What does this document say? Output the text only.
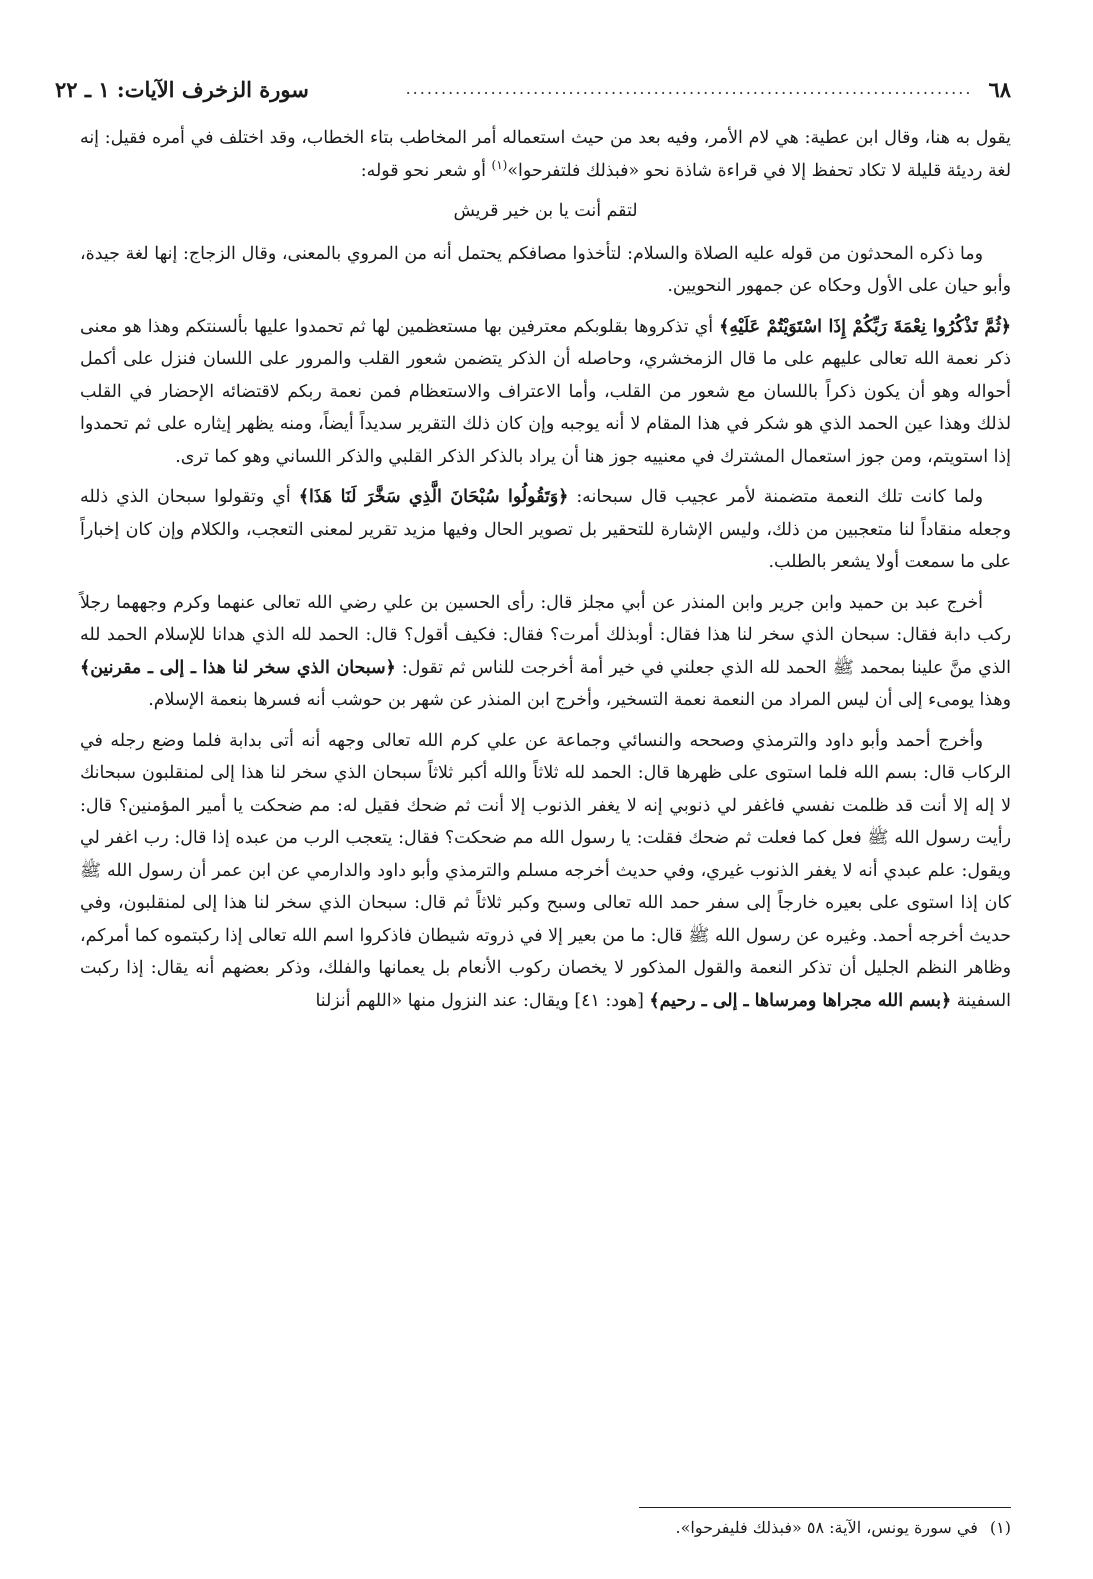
٦٨
................................................................................
سورة الزخرف الآيات: ١ ـ ٢٢

يقول به هنا، وقال ابن عطية: هي لام الأمر، وفيه بعد من حيث استعماله أمر المخاطب بتاء الخطاب، وقد اختلف في أمره فقيل: إنه لغة رديئة قليلة لا تكاد تحفظ إلا في قراءة شاذة نحو «فبذلك فلتفرحوا»$^{(١)}$ أو شعر نحو قوله:

لتقم أنت يا بن خير قريش

وما ذكره المحدثون من قوله عليه الصلاة والسلام: لتأخذوا مصافكم يحتمل أنه من المروي بالمعنى، وقال الزجاج: إنها لغة جيدة، وأبو حيان على الأول وحكاه عن جمهور النحويين.

﴿ثُمَّ تَذْكُرُوا نِعْمَةَ رَبِّكُمْ إِذَا اسْتَوَيْتُمْ عَلَيْهِ﴾ أي تذكروها بقلوبكم معترفين بها مستعظمين لها ثم تحمدوا عليها بألسنتكم وهذا هو معنى ذكر نعمة الله تعالى عليهم على ما قال الزمخشري، وحاصله أن الذكر يتضمن شعور القلب والمرور على اللسان فنزل على أكمل أحواله وهو أن يكون ذكراً باللسان مع شعور من القلب، وأما الاعتراف والاستعظام فمن نعمة ربكم لاقتضائه الإحضار في القلب لذلك وهذا عين الحمد الذي هو شكر في هذا المقام لا أنه يوجبه وإن كان ذلك التقرير سديداً أيضاً، ومنه يظهر إيثاره على ثم تحمدوا إذا استويتم، ومن جوز استعمال المشترك في معنييه جوز هنا أن يراد بالذكر الذكر القلبي والذكر اللساني وهو كما ترى.

ولما كانت تلك النعمة متضمنة لأمر عجيب قال سبحانه: ﴿وَتَقُولُوا سُبْحَانَ الَّذِي سَخَّرَ لَنَا هَذَا﴾ أي وتقولوا سبحان الذي ذلله وجعله منقاداً لنا متعجبين من ذلك، وليس الإشارة للتحقير بل تصوير الحال وفيها مزيد تقرير لمعنى التعجب، والكلام وإن كان إخباراً على ما سمعت أولا يشعر بالطلب.

أخرج عبد بن حميد وابن جرير وابن المنذر عن أبي مجلز قال: رأى الحسين بن علي رضي الله تعالى عنهما وكرم وجههما رجلاً ركب دابة فقال: سبحان الذي سخر لنا هذا فقال: أوبذلك أمرت؟ فقال: فكيف أقول؟ قال: الحمد لله الذي هدانا للإسلام الحمد لله الذي منَّ علينا بمحمد ﷺ الحمد لله الذي جعلني في خير أمة أخرجت للناس ثم تقول: ﴿سبحان الذي سخر لنا هذا ـ إلى ـ مقرنين﴾ وهذا يومىء إلى أن ليس المراد من النعمة نعمة التسخير، وأخرج ابن المنذر عن شهر بن حوشب أنه فسرها بنعمة الإسلام.

وأخرج أحمد وأبو داود والترمذي وصححه والنسائي وجماعة عن علي كرم الله تعالى وجهه أنه أتى بدابة فلما وضع رجله في الركاب قال: بسم الله فلما استوى على ظهرها قال: الحمد لله ثلاثاً والله أكبر ثلاثاً سبحان الذي سخر لنا هذا إلى لمنقلبون سبحانك لا إله إلا أنت قد ظلمت نفسي فاغفر لي ذنوبي إنه لا يغفر الذنوب إلا أنت ثم ضحك فقيل له: مم ضحكت يا أمير المؤمنين؟ قال: رأيت رسول الله ﷺ فعل كما فعلت ثم ضحك فقلت: يا رسول الله مم ضحكت؟ فقال: يتعجب الرب من عبده إذا قال: رب اغفر لي ويقول: علم عبدي أنه لا يغفر الذنوب غيري، وفي حديث أخرجه مسلم والترمذي وأبو داود والدارمي عن ابن عمر أن رسول الله ﷺ كان إذا استوى على بعيره خارجاً إلى سفر حمد الله تعالى وسبح وكبر ثلاثاً ثم قال: سبحان الذي سخر لنا هذا إلى لمنقلبون، وفي حديث أخرجه أحمد. وغيره عن رسول الله ﷺ قال: ما من بعير إلا في ذروته شيطان فاذكروا اسم الله تعالى إذا ركبتموه كما أمركم، وظاهر النظم الجليل أن تذكر النعمة والقول المذكور لا يخصان ركوب الأنعام بل يعمانها والفلك، وذكر بعضهم أنه يقال: إذا ركبت السفينة ﴿بسم الله مجراها ومرساها ـ إلى ـ رحيم﴾ [هود: ٤١] ويقال: عند النزول منها «اللهم أنزلنا

(١)في سورة يونس، الآية: ٥٨ «فبذلك فليفرحوا».
